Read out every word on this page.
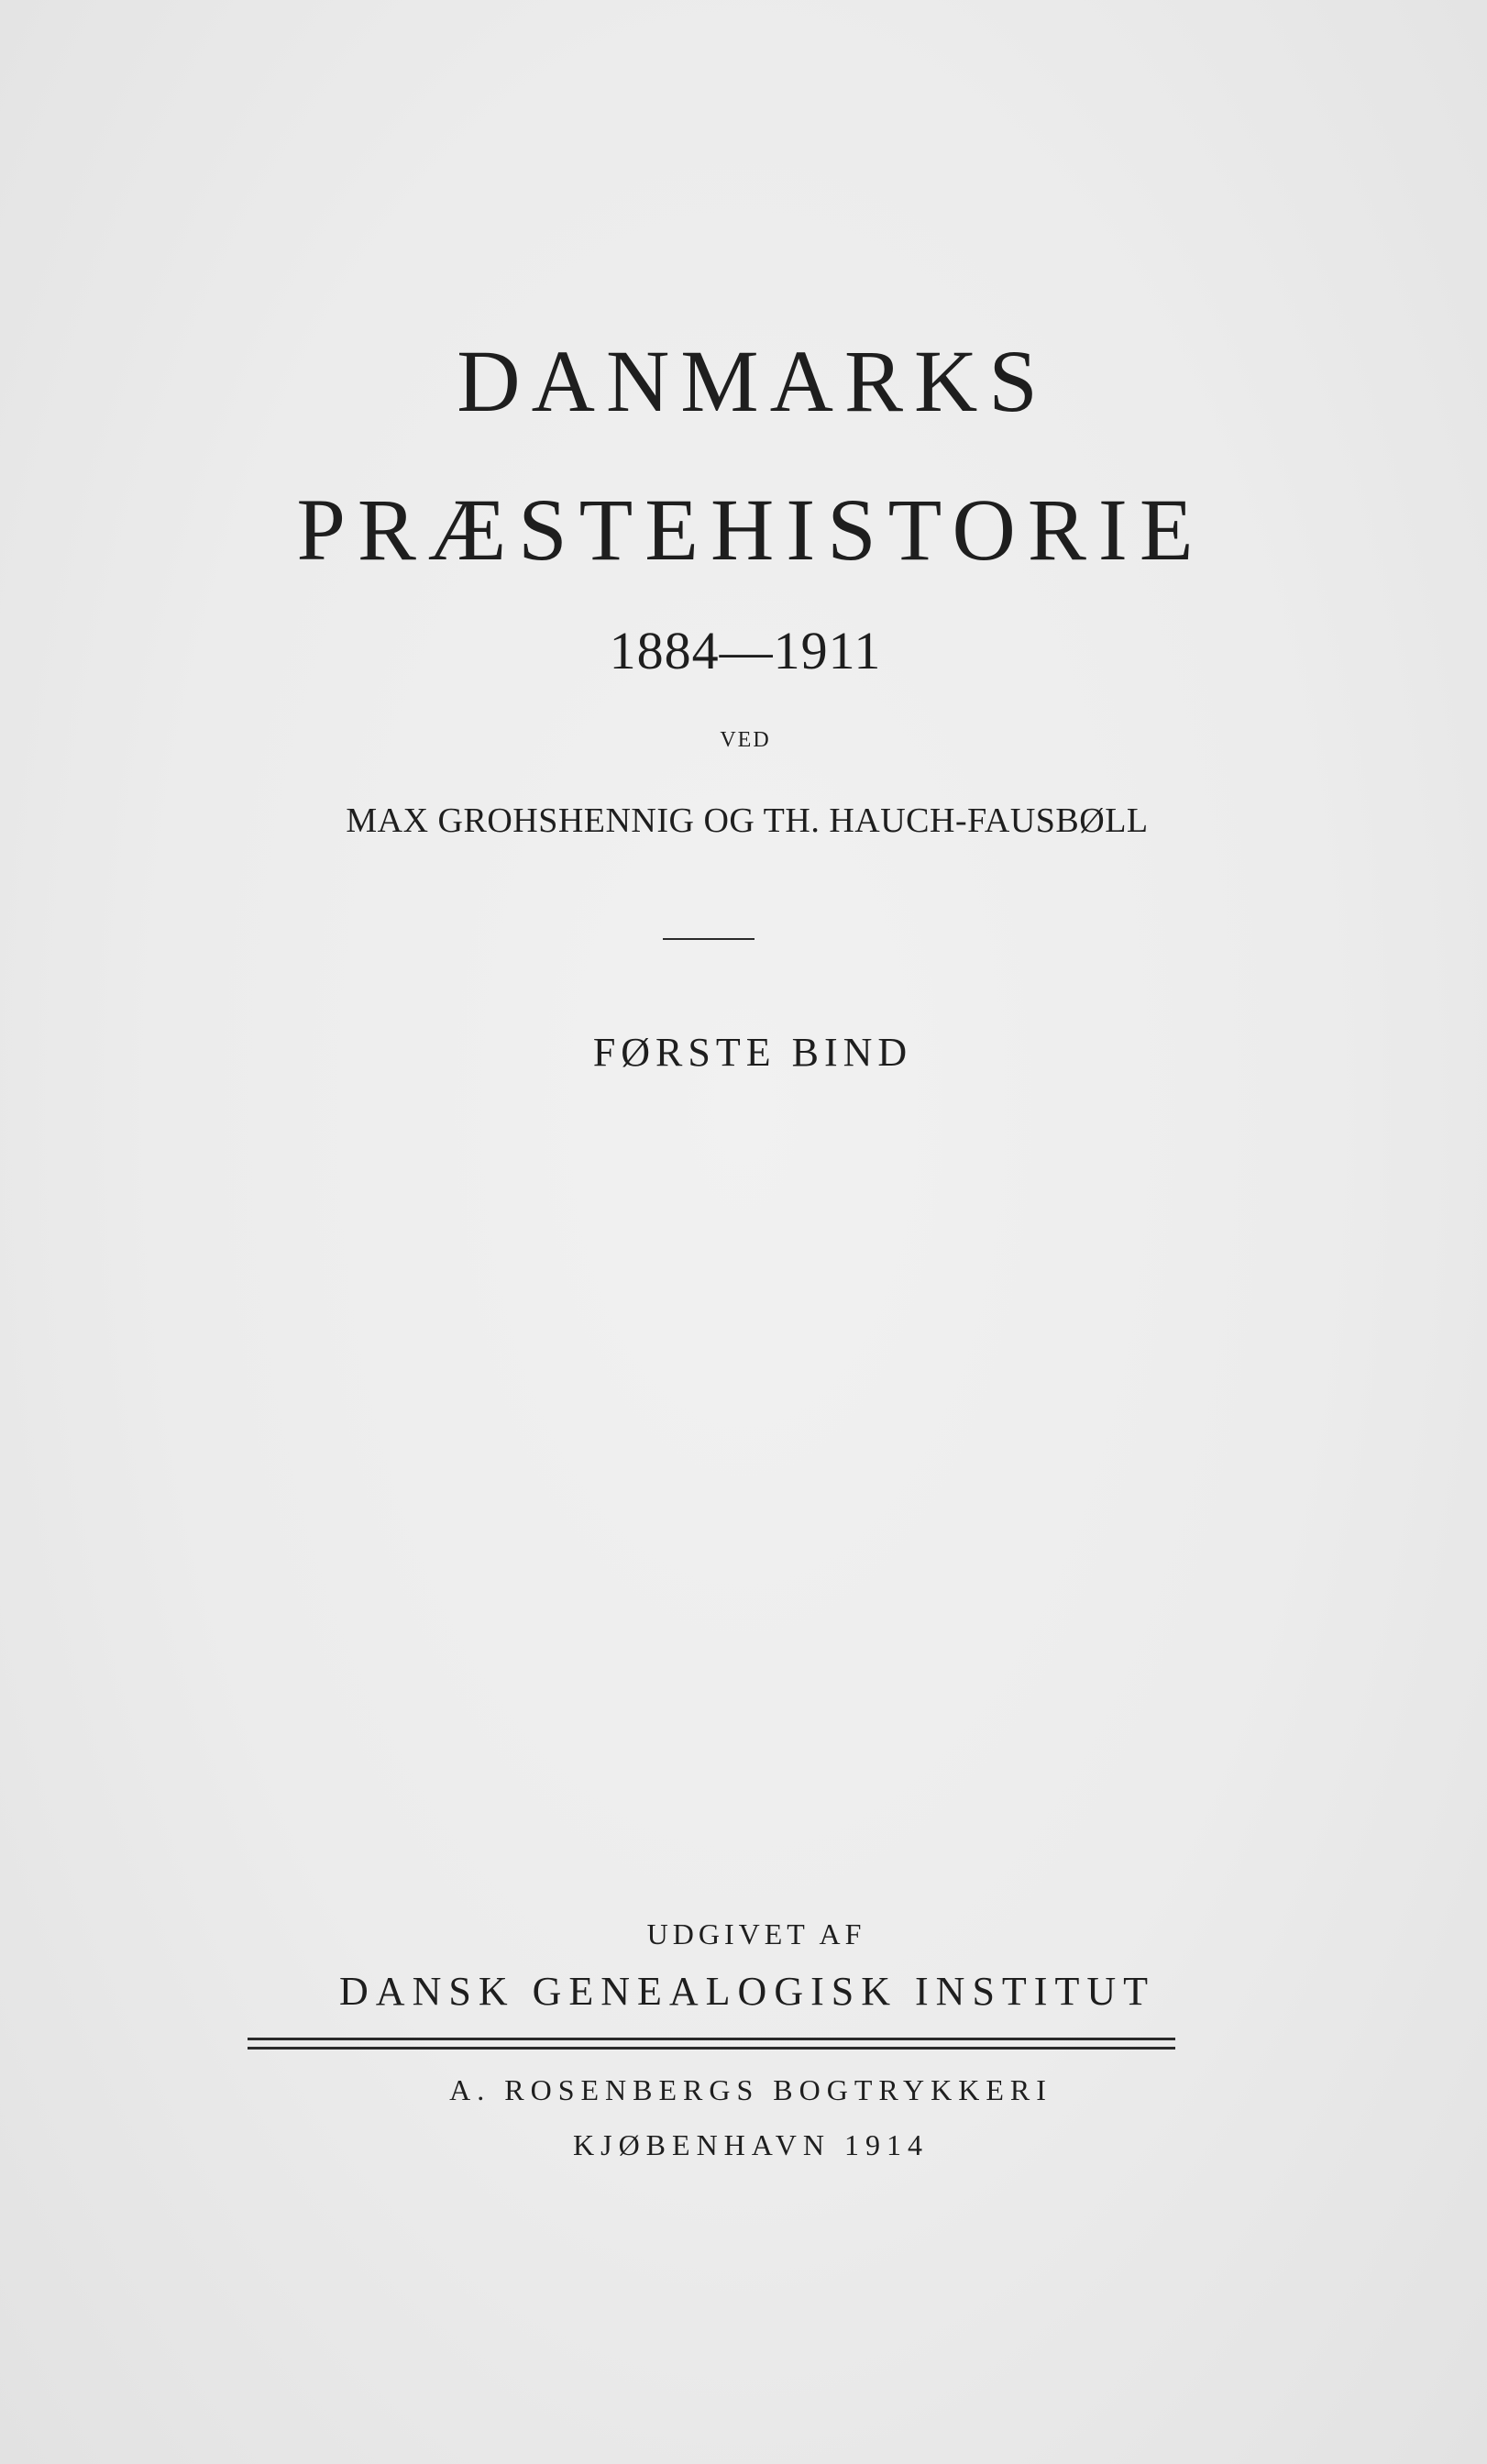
DANMARKS
PRÆSTEHISTORIE
1884—1911
VED
MAX GROHSHENNIG OG TH. HAUCH-FAUSBØLL
FØRSTE BIND
UDGIVET AF
DANSK GENEALOGISK INSTITUT
A. ROSENBERGS BOGTRYKKERI
KJØBENHAVN 1914
